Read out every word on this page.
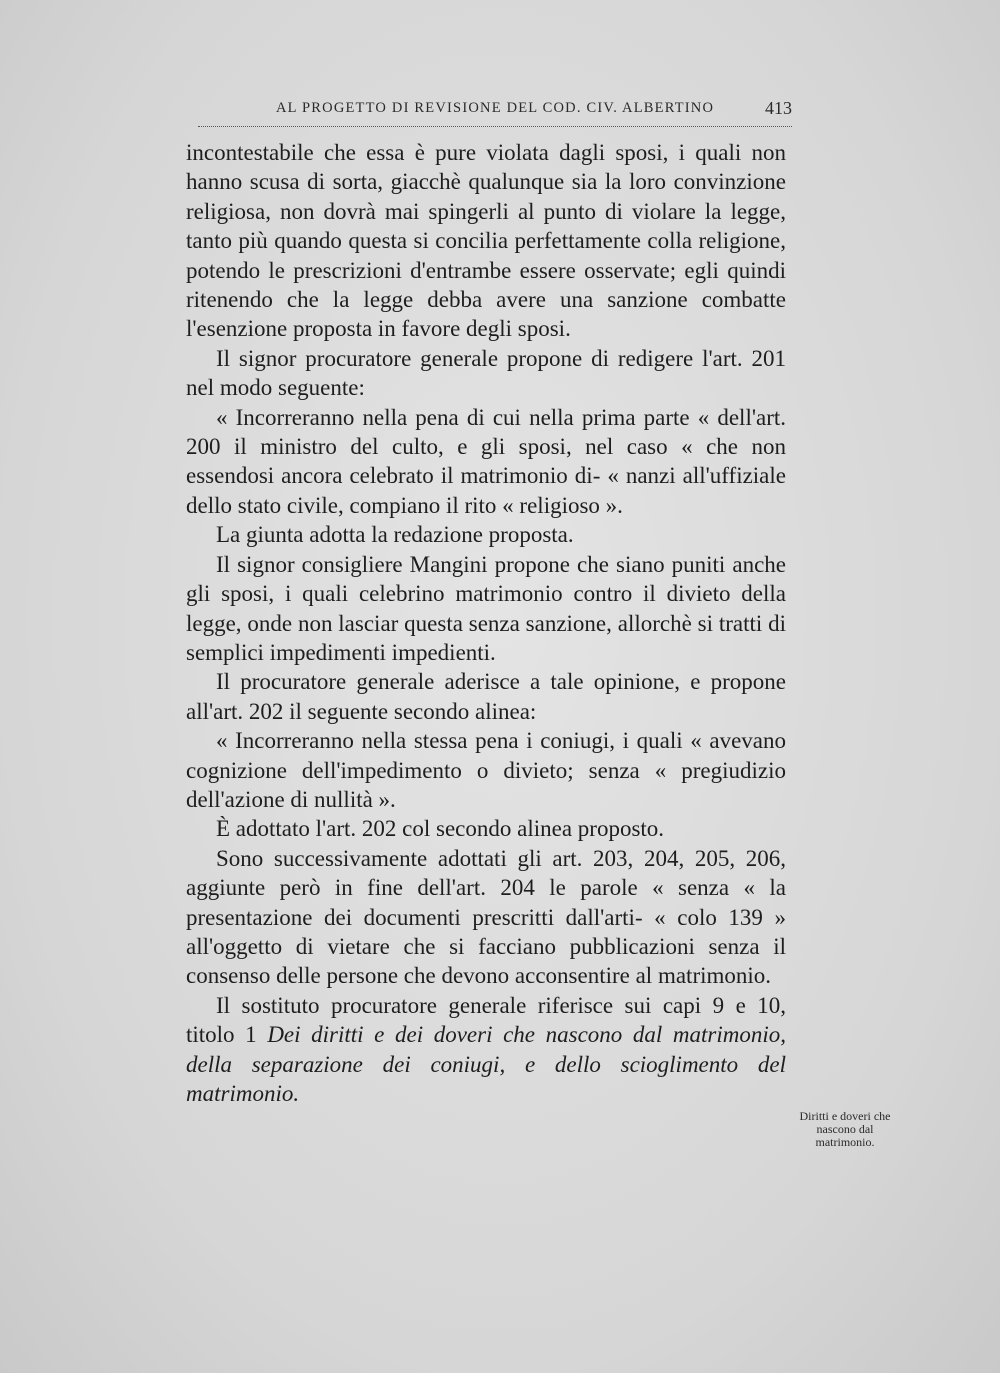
AL PROGETTO DI REVISIONE DEL COD. CIV. ALBERTINO	413

incontestabile che essa è pure violata dagli sposi, i quali non hanno scusa di sorta, giacchè qualunque sia la loro convinzione religiosa, non dovrà mai spingerli al punto di violare la legge, tanto più quando questa si concilia perfettamente colla religione, potendo le prescrizioni d'entrambe essere osservate; egli quindi ritenendo che la legge debba avere una sanzione combatte l'esenzione proposta in favore degli sposi.

Il signor procuratore generale propone di redigere l'art. 201 nel modo seguente:

« Incorreranno nella pena di cui nella prima parte « dell'art. 200 il ministro del culto, e gli sposi, nel caso « che non essendosi ancora celebrato il matrimonio di- « nanzi all'uffiziale dello stato civile, compiano il rito « religioso ».

La giunta adotta la redazione proposta.

Il signor consigliere Mangini propone che siano puniti anche gli sposi, i quali celebrino matrimonio contro il divieto della legge, onde non lasciar questa senza sanzione, allorchè si tratti di semplici impedimenti impedienti.

Il procuratore generale aderisce a tale opinione, e propone all'art. 202 il seguente secondo alinea:

« Incorreranno nella stessa pena i coniugi, i quali « avevano cognizione dell'impedimento o divieto; senza « pregiudizio dell'azione di nullità ».

È adottato l'art. 202 col secondo alinea proposto.

Sono successivamente adottati gli art. 203, 204, 205, 206, aggiunte però in fine dell'art. 204 le parole « senza « la presentazione dei documenti prescritti dall'arti- « colo 139 » all'oggetto di vietare che si facciano pubblicazioni senza il consenso delle persone che devono acconsentire al matrimonio.

Il sostituto procuratore generale riferisce sui capi 9 e 10, titolo 1 Dei diritti e dei doveri che nascono dal matrimonio, della separazione dei coniugi, e dello scioglimento del matrimonio.

Diritti e doveri che nascono dal matrimonio.
